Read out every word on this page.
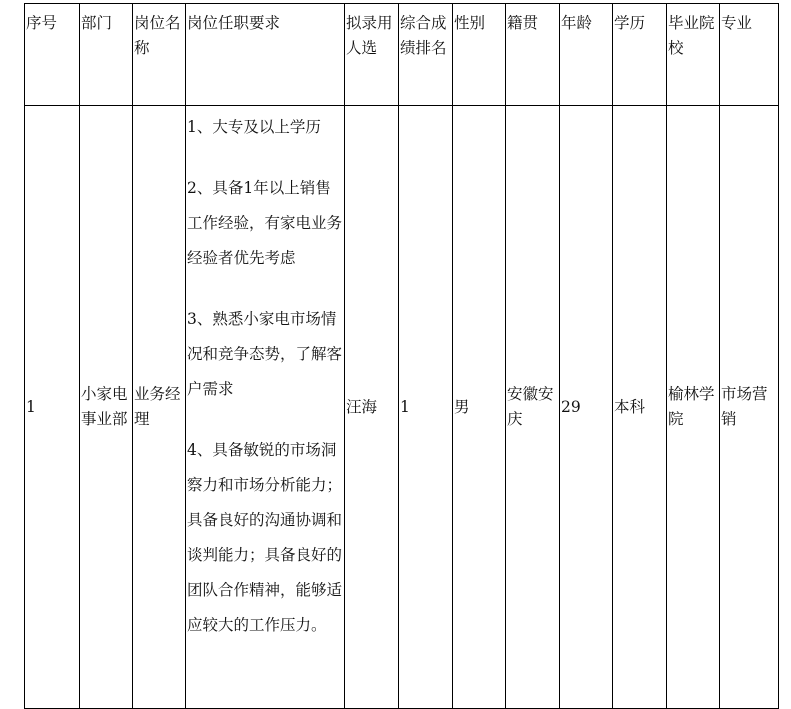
序号	部门	岗位名称	岗位任职要求	拟录用人选	综合成绩排名	性别	籍贯	年龄	学历	毕业院校	专业
1	小家电事业部	业务经理	1、大专及以上学历

2、具备1年以上销售工作经验，有家电业务经验者优先考虑

3、熟悉小家电市场情况和竞争态势，了解客户需求

4、具备敏锐的市场洞察力和市场分析能力；具备良好的沟通协调和谈判能力；具备良好的团队合作精神，能够适应较大的工作压力。	汪海	1	男	安徽安庆	29	本科	榆林学院	市场营销
